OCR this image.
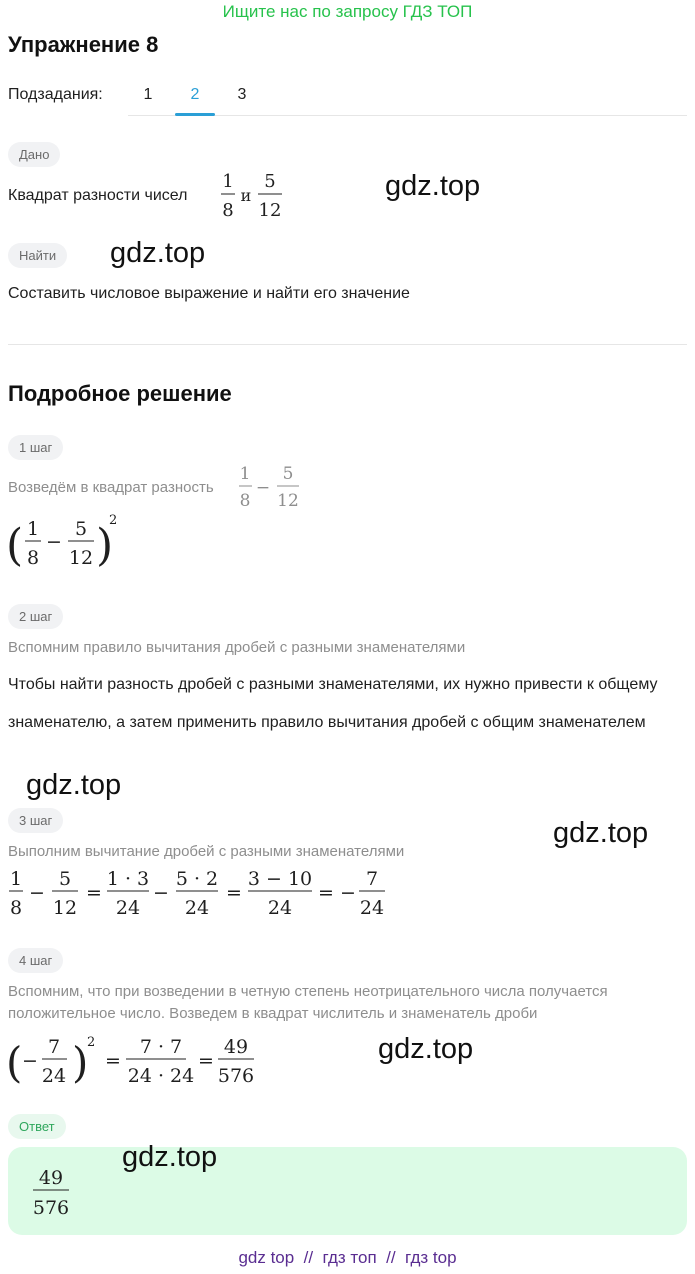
Ищите нас по запросу ГДЗ ТОП
Упражнение 8
Подзадания:	1	2	3
Дано
Квадрат разности чисел
1
8
и
5
12
Найти
Составить числовое выражение и найти его значение
Подробное решение
1 шаг
Возведём в квадрат разность
1
8
−
5
12
( 1
8
−
5
12 )
2
2 шаг
Вспомним правило вычитания дробей с разными знаменателями
Чтобы найти разность дробей с разными знаменателями, их нужно привести к общему знаменателю, а затем применить правило вычитания дробей с общим знаменателем
3 шаг
Выполним вычитание дробей с разными знаменателями
1
8
−
5
12
=
1 · 3
24
−
5 · 2
24
=
3 − 10
24
= −
7
24
4 шаг
Вспомним, что при возведении в четную степень неотрицательного числа получается
положительное число. Возведем в квадрат числитель и знаменатель дроби
( −
7
24
=
7 · 7
24 · 24
=
49
576
)
2
Ответ
49
576
gdz.top
gdz.top
gdz.top
gdz.top
gdz.top
gdz.top
gdz top  //  гдз топ  //  гдз top
